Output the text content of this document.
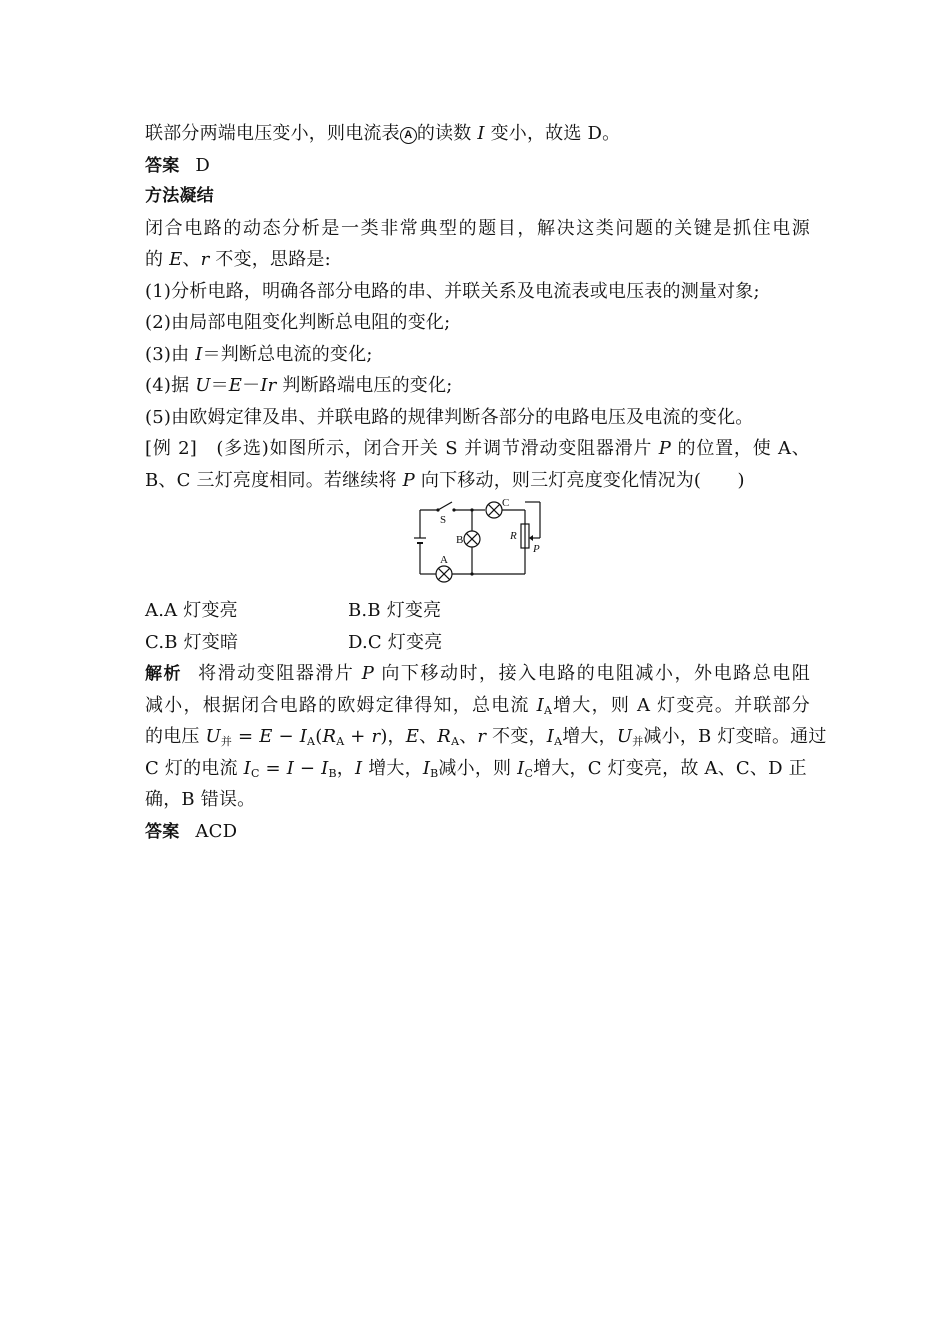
联部分两端电压变小，则电流表 A 的读数 I 变小，故选 D。
答案 D
方法凝结
闭合电路的动态分析是一类非常典型的题目，解决这类问题的关键是抓住电源
的 E、r 不变，思路是:
(1)分析电路，明确各部分电路的串、并联关系及电流表或电压表的测量对象;
(2)由局部电阻变化判断总电阻的变化;
(3)由 I＝判断总电流的变化;
(4)据 U＝E－Ir 判断路端电压的变化;
(5)由欧姆定律及串、并联电路的规律判断各部分的电路电压及电流的变化。
[例 2]　(多选)如图所示，闭合开关 S 并调节滑动变阻器滑片 P 的位置，使 A、
B、C 三灯亮度相同。若继续将 P 向下移动，则三灯亮度变化情况为(　　)
S
C
B
A
R
P
A.A 灯变亮	B.B 灯变亮
C.B 灯变暗	D.C 灯变亮
解析 将滑动变阻器滑片 P 向下移动时，接入电路的电阻减小，外电路总电阻
减小，根据闭合电路的欧姆定律得知，总电流 $I_A$增大，则 A 灯变亮。并联部分
的电压 $U_并 = E - I_A(R_A + r)$，E、$R_A$、r 不变，$I_A$增大，$U_并$减小，B 灯变暗。通过
C 灯的电流 $I_C = I - I_B$，I 增大，$I_B$减小，则 $I_C$增大，C 灯变亮，故 A、C、D 正
确，B 错误。
答案 ACD
